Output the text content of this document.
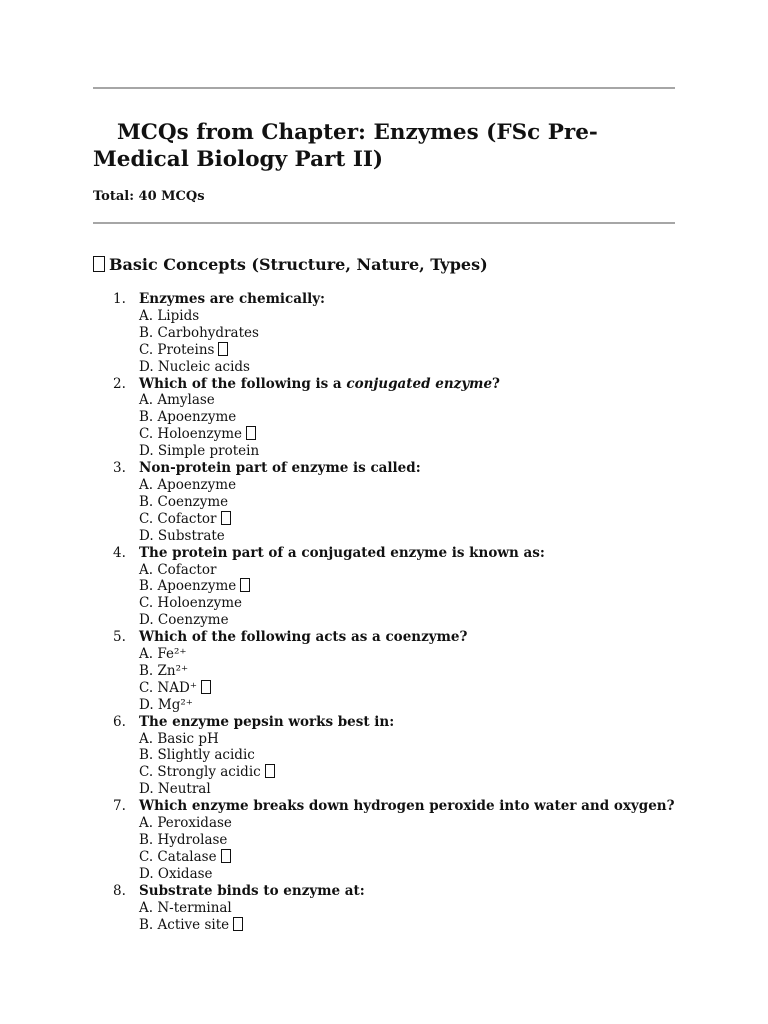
MCQs from Chapter: Enzymes (FSc Pre-Medical Biology Part II)

Total: 40 MCQs

Basic Concepts (Structure, Nature, Types)
1. Enzymes are chemically:
A. Lipids
B. Carbohydrates
C. Proteins
D. Nucleic acids
2. Which of the following is a conjugated enzyme?
A. Amylase
B. Apoenzyme
C. Holoenzyme
D. Simple protein
3. Non-protein part of enzyme is called:
A. Apoenzyme
B. Coenzyme
C. Cofactor
D. Substrate
4. The protein part of a conjugated enzyme is known as:
A. Cofactor
B. Apoenzyme
C. Holoenzyme
D. Coenzyme
5. Which of the following acts as a coenzyme?
A. Fe²⁺
B. Zn²⁺
C. NAD⁺
D. Mg²⁺
6. The enzyme pepsin works best in:
A. Basic pH
B. Slightly acidic
C. Strongly acidic
D. Neutral
7. Which enzyme breaks down hydrogen peroxide into water and oxygen?
A. Peroxidase
B. Hydrolase
C. Catalase
D. Oxidase
8. Substrate binds to enzyme at:
A. N-terminal
B. Active site
